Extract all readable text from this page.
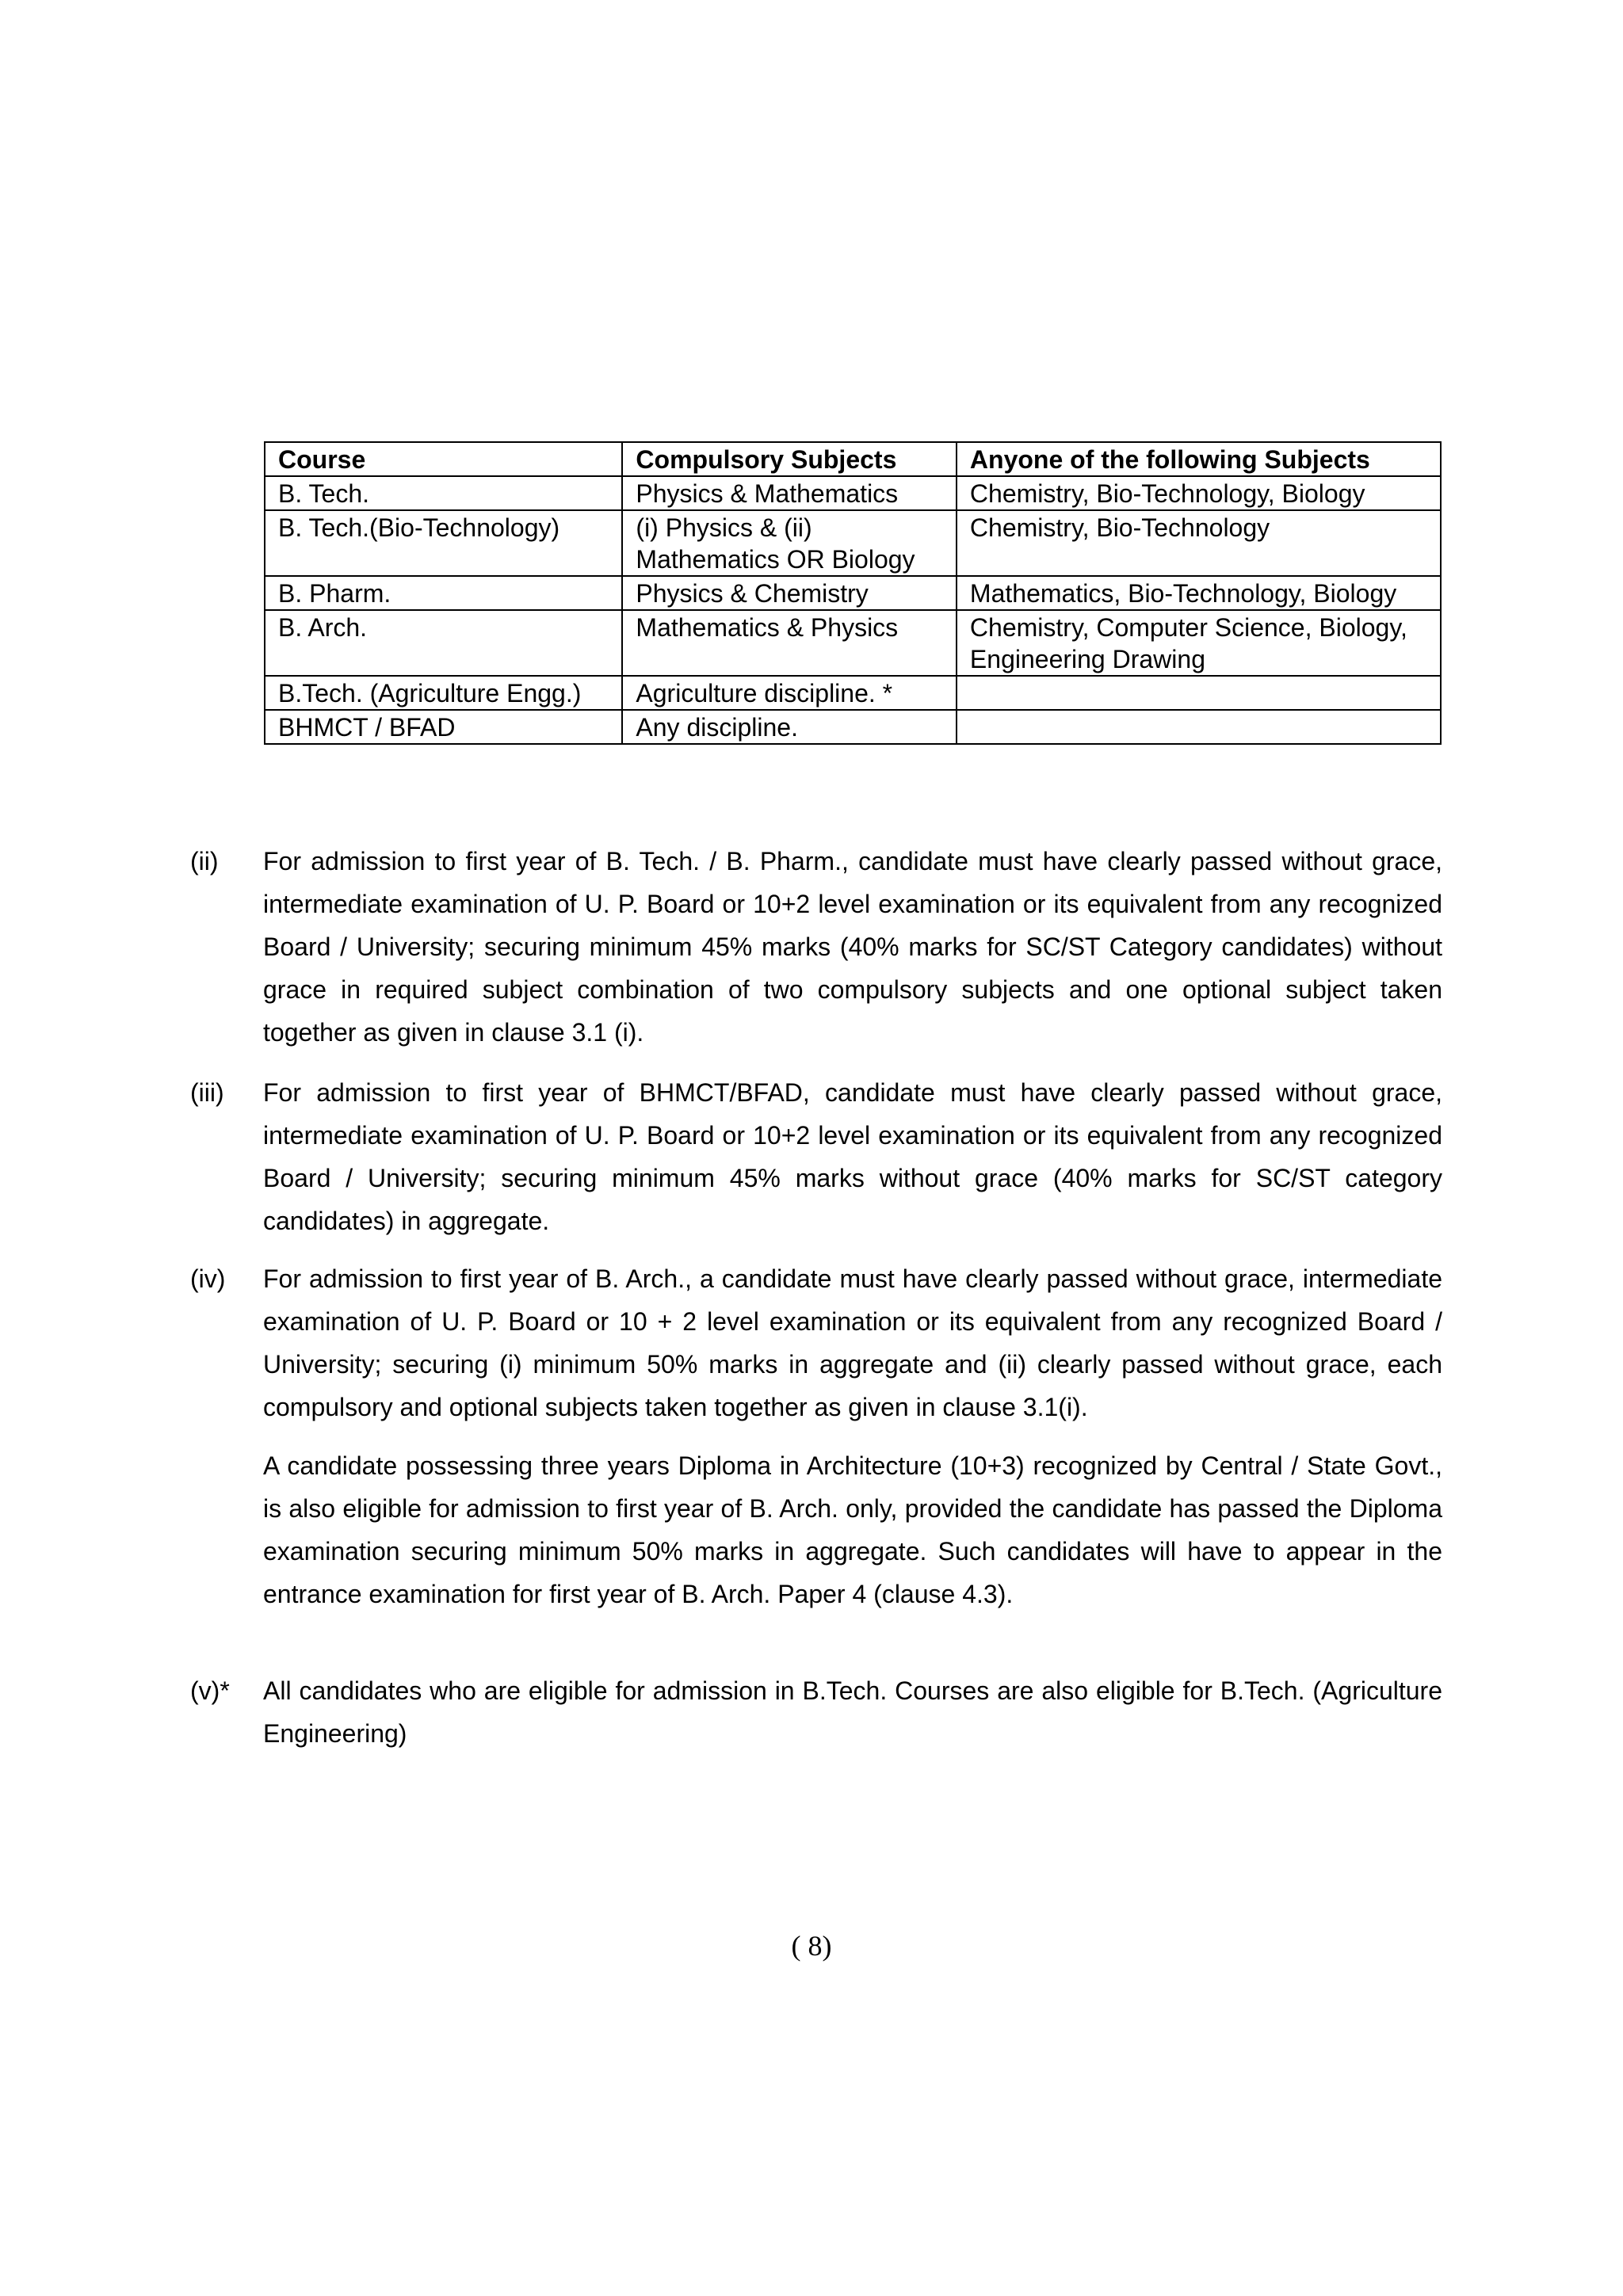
Course	Compulsory Subjects	Anyone of the following Subjects
B. Tech.	Physics & Mathematics	Chemistry, Bio-Technology, Biology
B. Tech.(Bio-Technology)	(i) Physics & (ii) Mathematics OR Biology	Chemistry, Bio-Technology
B. Pharm.	Physics & Chemistry	Mathematics, Bio-Technology, Biology
B. Arch.	Mathematics & Physics	Chemistry, Computer Science, Biology, Engineering Drawing
B.Tech. (Agriculture Engg.)	Agriculture discipline. *	
BHMCT / BFAD	Any discipline.	
(ii)	For admission to first year of B. Tech. / B. Pharm., candidate must have clearly passed without grace, intermediate examination of U. P. Board or 10+2 level examination or its equivalent from any recognized Board / University; securing minimum 45% marks (40% marks for SC/ST Category candidates) without grace in required subject combination of two compulsory subjects and one optional subject taken together as given in clause 3.1 (i).

(iii)	For admission to first year of BHMCT/BFAD, candidate must have clearly passed without grace, intermediate examination of U. P. Board or 10+2 level examination or its equivalent from any recognized Board / University; securing minimum 45% marks without grace (40% marks for SC/ST category candidates) in aggregate.

(iv)	For admission to first year of B. Arch., a candidate must have clearly passed without grace, intermediate examination of U. P. Board or 10 + 2 level examination or its equivalent from any recognized Board / University; securing (i) minimum 50% marks in aggregate and (ii) clearly passed without grace, each compulsory and optional subjects taken together as given in clause 3.1(i).

A candidate possessing three years Diploma in Architecture (10+3) recognized by Central / State Govt., is also eligible for admission to first year of B. Arch. only, provided the candidate has passed the Diploma examination securing minimum 50% marks in aggregate. Such candidates will have to appear in the entrance examination for first year of B. Arch. Paper 4 (clause 4.3).

(v)*	All candidates who are eligible for admission in B.Tech. Courses are also eligible for B.Tech. (Agriculture Engineering)

( 8)
